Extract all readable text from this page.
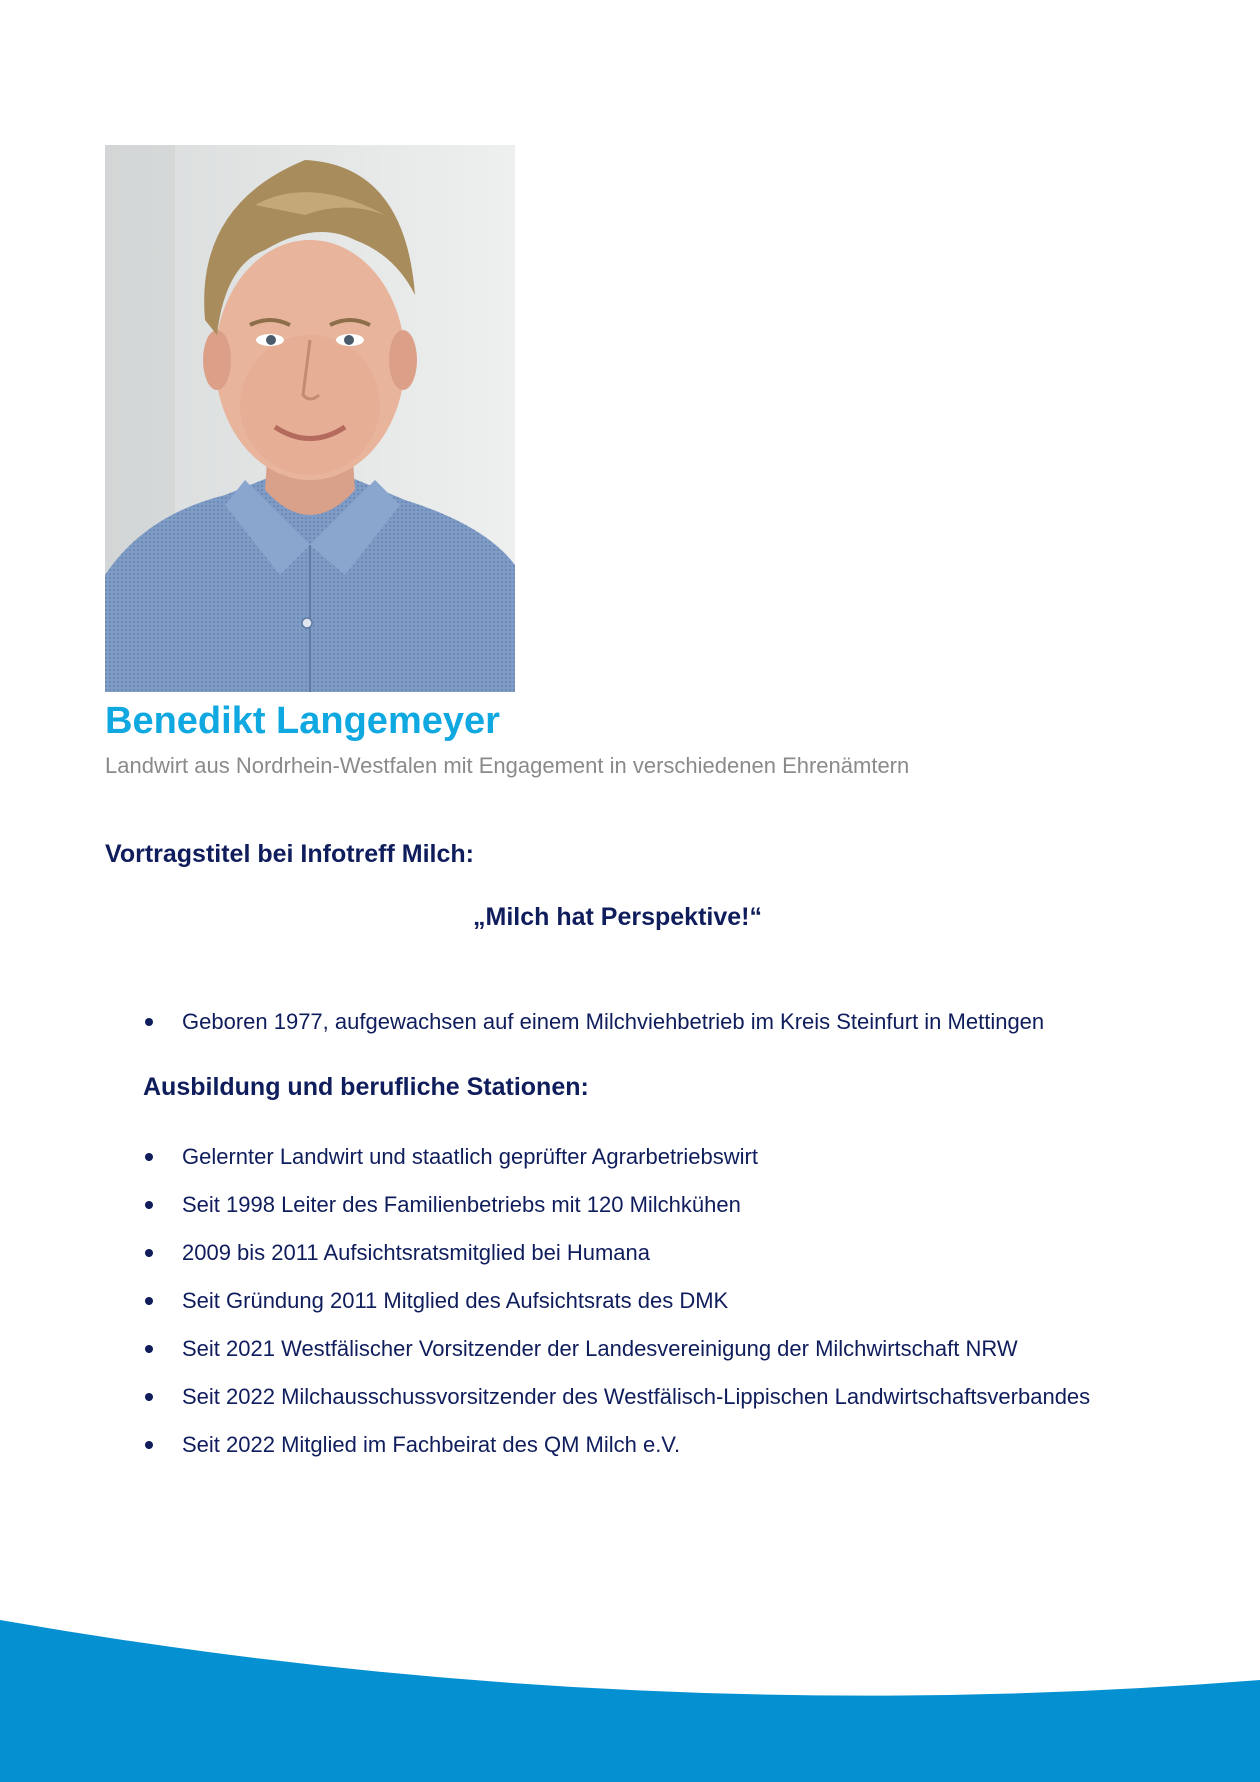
Benedikt Langemeyer
Landwirt aus Nordrhein-Westfalen mit Engagement in verschiedenen Ehrenämtern
Vortragstitel bei Infotreff Milch:
„Milch hat Perspektive!“
Geboren 1977, aufgewachsen auf einem Milchviehbetrieb im Kreis Steinfurt in Mettingen
Ausbildung und berufliche Stationen:
Gelernter Landwirt und staatlich geprüfter Agrarbetriebswirt
Seit 1998 Leiter des Familienbetriebs mit 120 Milchkühen
2009 bis 2011 Aufsichtsratsmitglied bei Humana
Seit Gründung 2011 Mitglied des Aufsichtsrats des DMK
Seit 2021 Westfälischer Vorsitzender der Landesvereinigung der Milchwirtschaft NRW
Seit 2022 Milchausschussvorsitzender des Westfälisch-Lippischen Landwirtschaftsverbandes
Seit 2022 Mitglied im Fachbeirat des QM Milch e.V.
